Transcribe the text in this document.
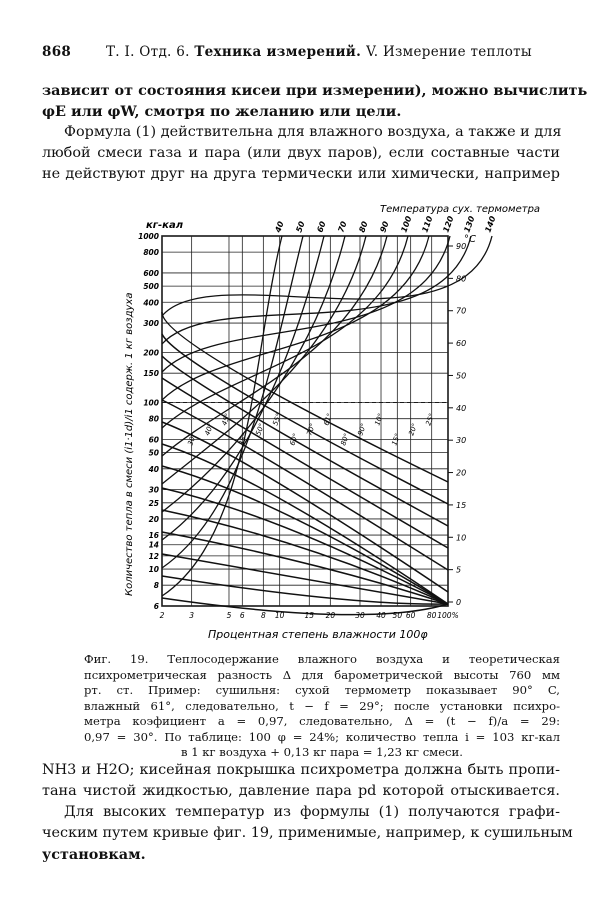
868	Т. I. Отд. 6. Техника измерений. V. Измерение теплоты
зависит от состояния кисеи при измерении), можно вычислить
φE или φW, смотря по желанию или цели.
Формула (1) действительна для влажного воздуха, а также и для
любой смеси газа и пара (или двух паров), если составные части
не действуют друг на друга термически или химически, например
1000
800
600
500
400
300
200
150
100
80
60
50
40
30
25
20
16
14
12
10
8
6
2	3	5 6 8 10	15 20	30 40 50 60 80 100%
90
80
70
60
50
40
30
20
15
10
5
0
40 50 60 70 80 90 100 110 120 130 140
30°
40°
45°
35°
50°
55°
60°
70°
61°
80°
90°
10°
15°
20°
25°
Температура сух. термометра
кг-кал
°C
Процентная степень влажности 100φ
Количество тепла в смеси (i1·1d)/i1 содерж. 1 кг воздуха
Фиг. 19. Теплосодержание влажного воздуха и теоретическая
психрометрическая разность Δ для барометрической высоты 760 мм
рт. ст. Пример: сушильня: сухой термометр показывает 90° C,
влажный 61°, следовательно, t − f = 29°; после установки психро-
метра коэфициент a = 0,97, следовательно, Δ = (t − f)/a = 29:
0,97 = 30°. По таблице: 100 φ = 24%; количество тепла i = 103 кг-кал
в 1 кг воздуха + 0,13 кг пара = 1,23 кг смеси.
NH3 и H2O; кисейная покрышка психрометра должна быть пропи-
тана чистой жидкостью, давление пара pd которой отыскивается.
Для высоких температур из формулы (1) получаются графи-
ческим путем кривые фиг. 19, применимые, например, к сушильным
установкам.
